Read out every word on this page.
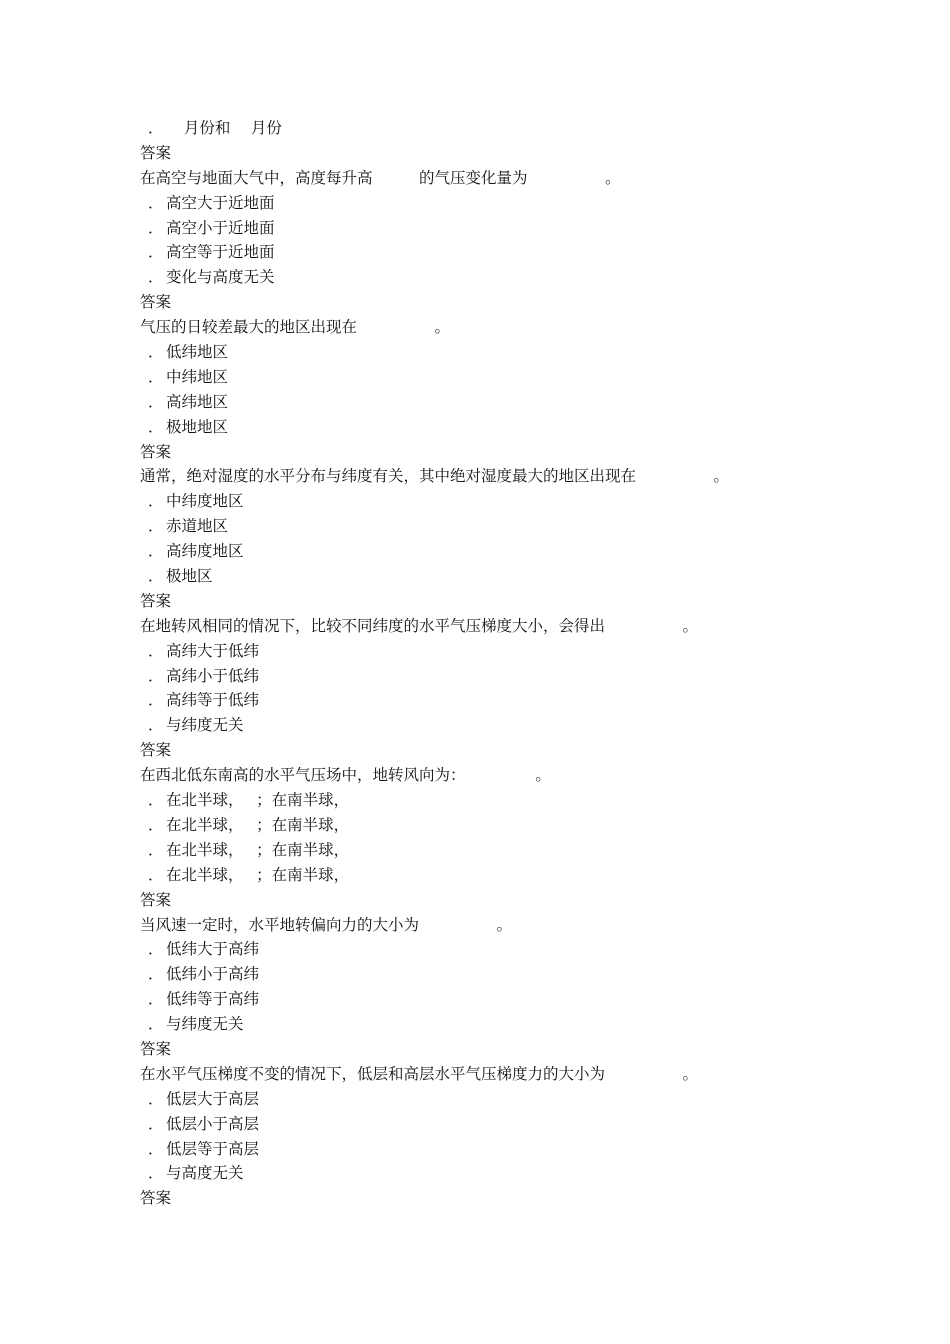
． 　月份和　 月份
答案
在高空与地面大气中，高度每升高　　　的气压变化量为　　　　　。
． 高空大于近地面
． 高空小于近地面
． 高空等于近地面
． 变化与高度无关
答案
气压的日较差最大的地区出现在　　　　　。
． 低纬地区
． 中纬地区
． 高纬地区
． 极地地区
答案
通常，绝对湿度的水平分布与纬度有关，其中绝对湿度最大的地区出现在　　　　　。
． 中纬度地区
． 赤道地区
． 高纬度地区
． 极地区
答案
在地转风相同的情况下，比较不同纬度的水平气压梯度大小，会得出　　　　　。
． 高纬大于低纬
． 高纬小于低纬
． 高纬等于低纬
． 与纬度无关
答案
在西北低东南高的水平气压场中，地转风向为：　　　　　。
． 在北半球，　 ；在南半球，
． 在北半球，　 ；在南半球，
． 在北半球，　 ；在南半球，
． 在北半球，　 ；在南半球，
答案
当风速一定时，水平地转偏向力的大小为　　　　　。
． 低纬大于高纬
． 低纬小于高纬
． 低纬等于高纬
． 与纬度无关
答案
在水平气压梯度不变的情况下，低层和高层水平气压梯度力的大小为　　　　　。
． 低层大于高层
． 低层小于高层
． 低层等于高层
． 与高度无关
答案
